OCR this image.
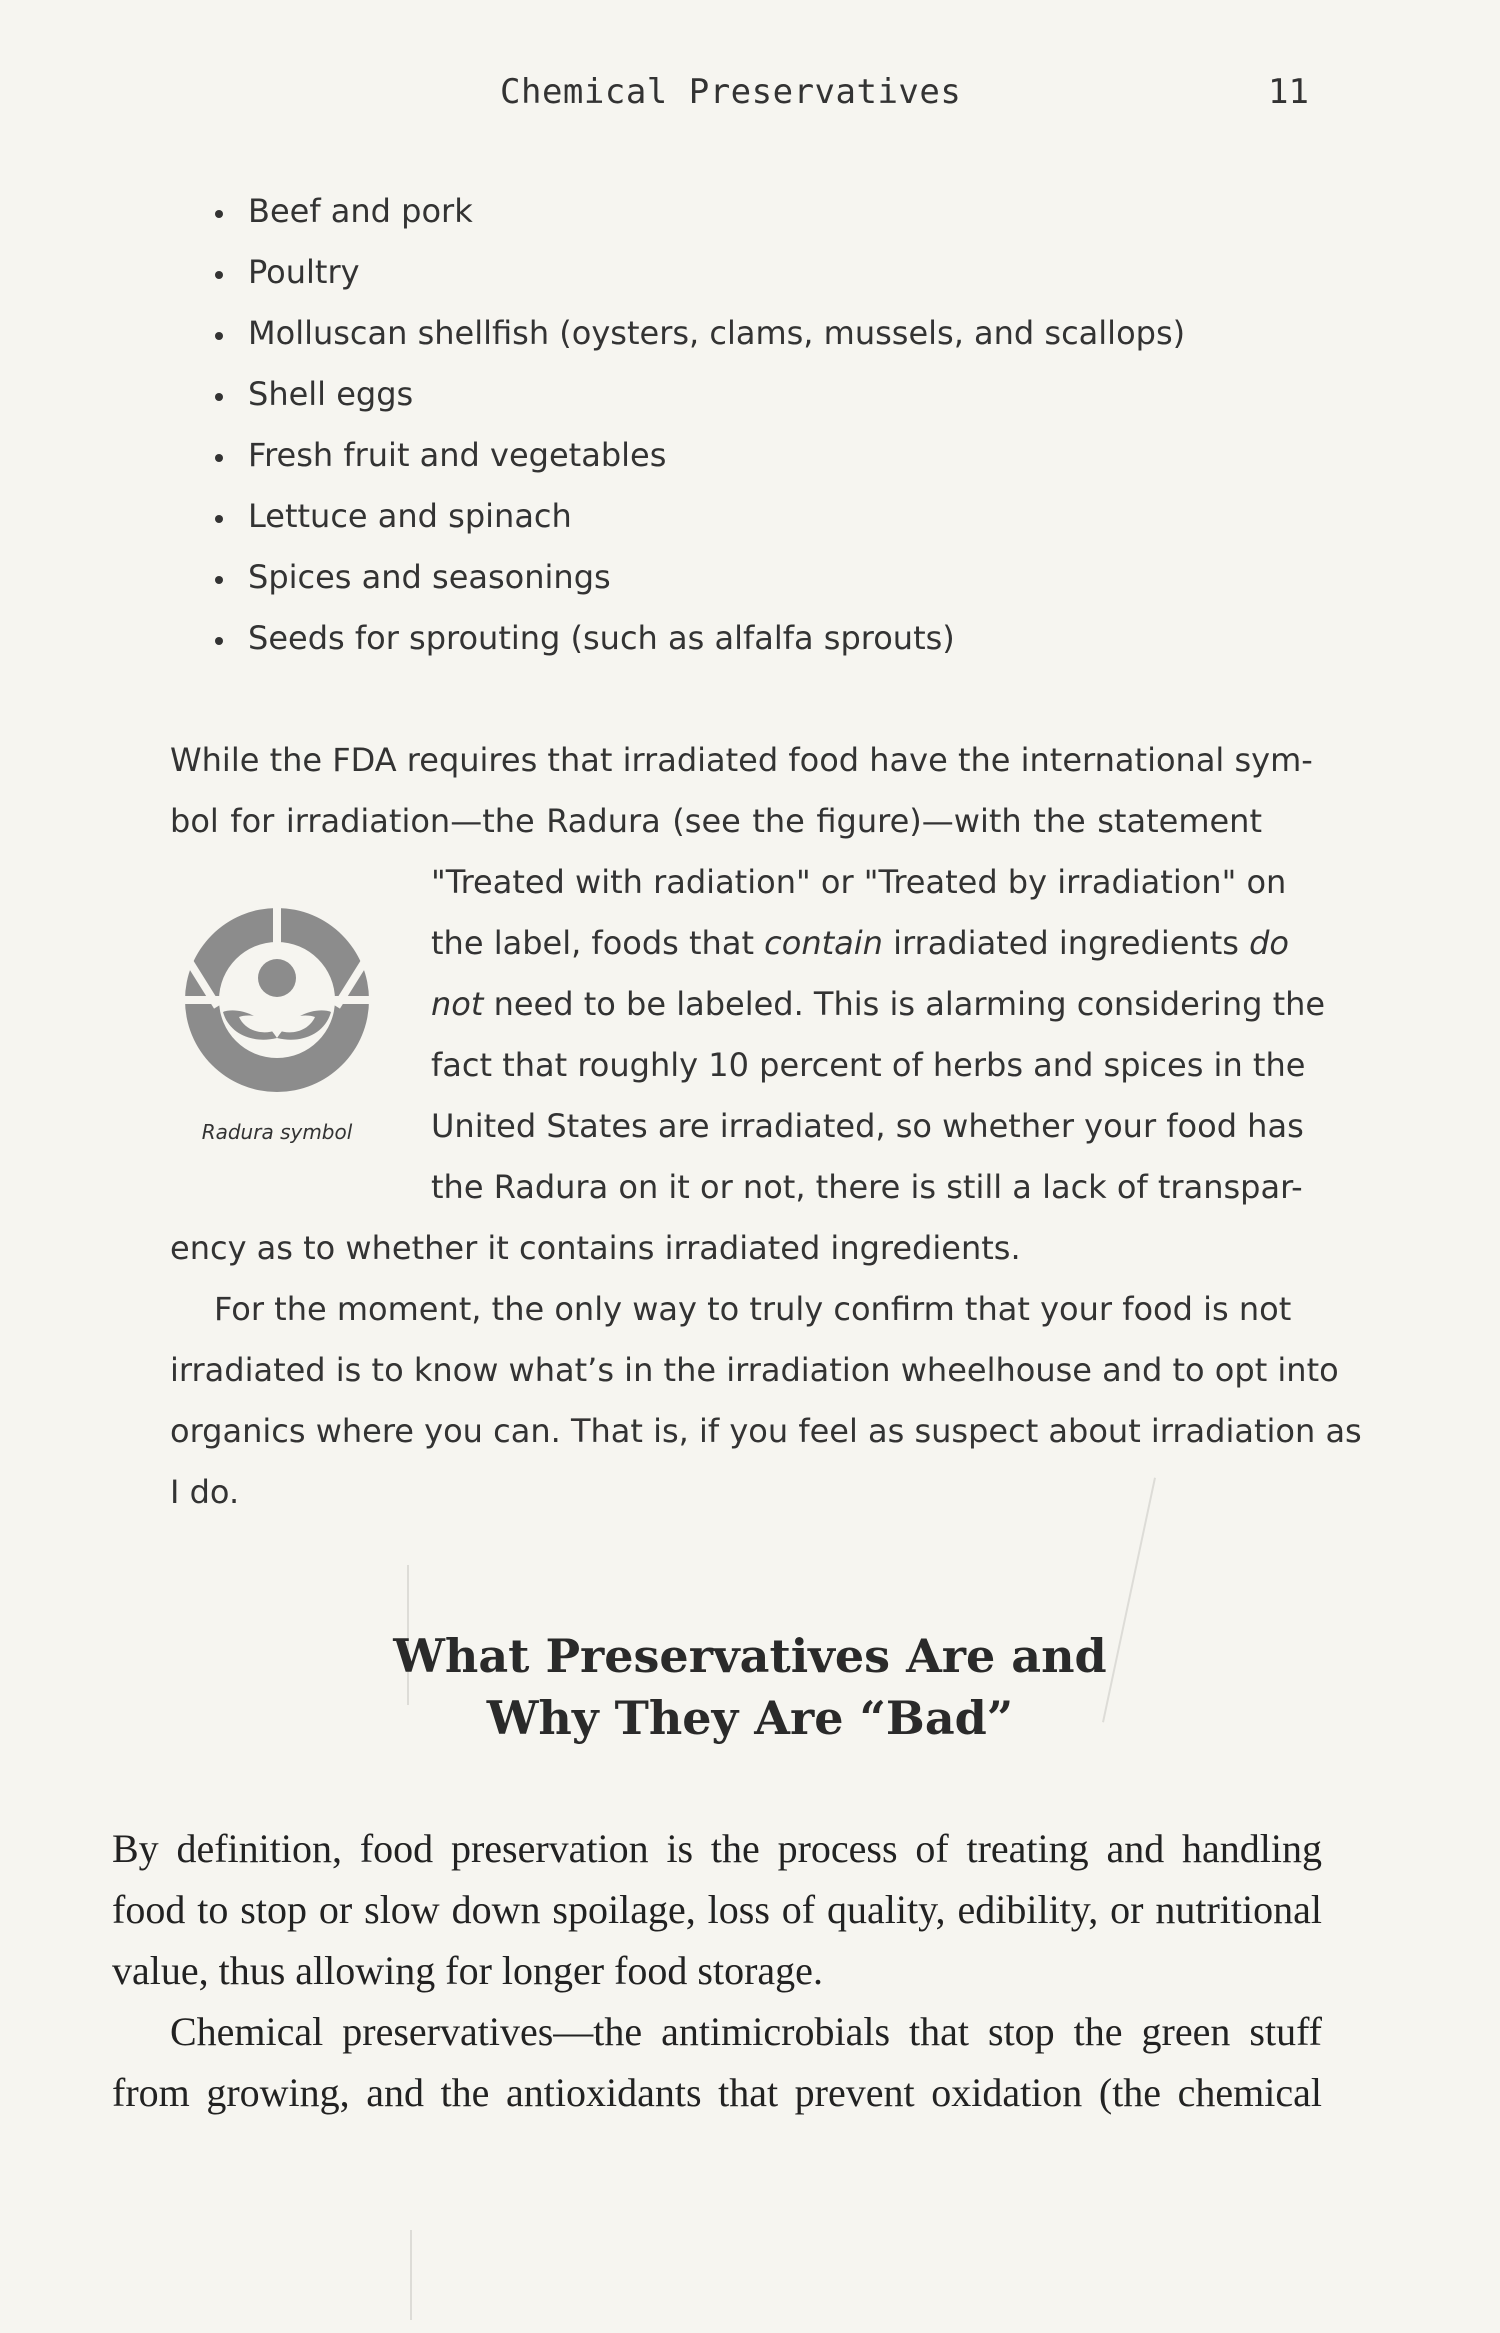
Chemical Preservatives	11
Beef and pork
Poultry
Molluscan shellfish (oysters, clams, mussels, and scallops)
Shell eggs
Fresh fruit and vegetables
Lettuce and spinach
Spices and seasonings
Seeds for sprouting (such as alfalfa sprouts)
While the FDA requires that irradiated food have the international sym-
bol for irradiation—the Radura (see the figure)—with the statement
"Treated with radiation" or "Treated by irradiation" on
the label, foods that contain irradiated ingredients do
not need to be labeled. This is alarming considering the
fact that roughly 10 percent of herbs and spices in the
United States are irradiated, so whether your food has
the Radura on it or not, there is still a lack of transpar-
ency as to whether it contains irradiated ingredients.
Radura symbol
For the moment, the only way to truly confirm that your food is not
irradiated is to know what’s in the irradiation wheelhouse and to opt into
organics where you can. That is, if you feel as suspect about irradiation as
I do.
What Preservatives Are and
Why They Are “Bad”
By definition, food preservation is the process of treating and handling
food to stop or slow down spoilage, loss of quality, edibility, or nutritional
value, thus allowing for longer food storage.
Chemical preservatives—the antimicrobials that stop the green stuff
from growing, and the antioxidants that prevent oxidation (the chemical
